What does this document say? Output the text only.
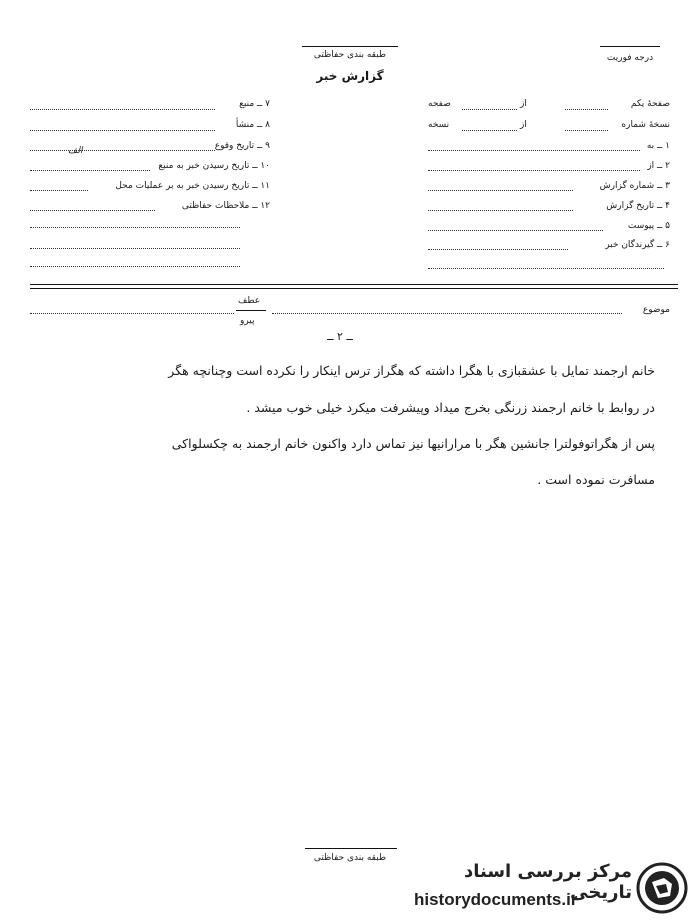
طبقه بندی حفاظتی
گزارش خبر
درجه فوریت
صفحهٔ یکم
از
صفحه
نسخهٔ شماره
از
نسخه
۱ ــ به
۲ ــ از
۳ ــ شماره گزارش
۴ ــ تاریخ گزارش
۵ ــ پیوست
۶ ــ گیرندگان خبر
۷ ــ منبع
۸ ــ منشأ
۹ ــ تاریخ وقوع
الف
۱۰ ــ تاریخ رسیدن خبر به منبع
۱۱ ــ تاریخ رسیدن خبر به بر عملیات محل
۱۲ ــ ملاحظات حفاظتی
عطف
پیرو
موضوع
ــ ۲ ــ
خانم ارجمند تمایل با عشقبازی با هگرا داشته که هگراز ترس اینکار را نکرده است وچنانچه هگر
در روابط با خانم ارجمند زرنگی بخرج میداد وپیشرفت میکرد خیلی خوب میشد .
پس از هگراتوفولترا جانشین هگر با مرارانیها نیز تماس دارد واکنون خانم ارجمند به چکسلواکی
مسافرت نموده است .
طبقه بندی حفاظتی
مرکز بررسی اسناد تاریخی
historydocuments.ir
